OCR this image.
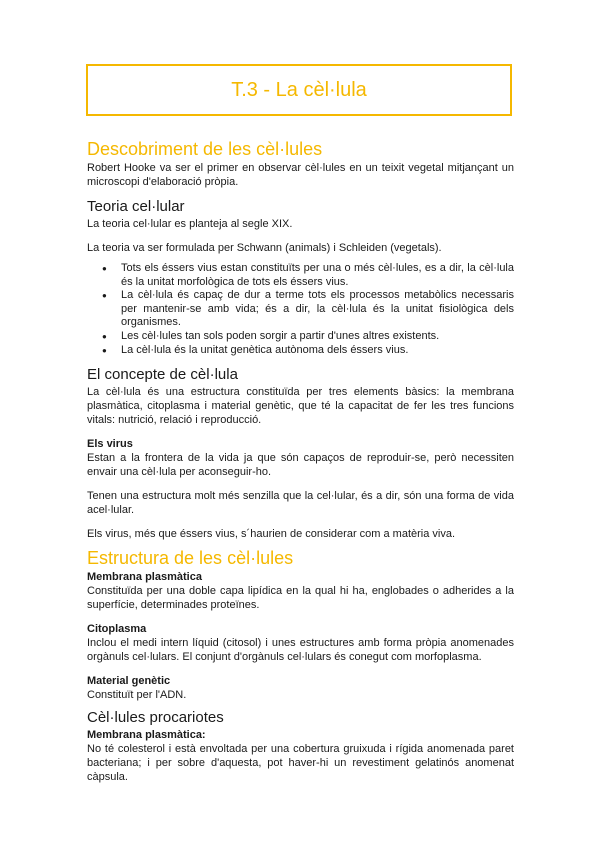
T.3 - La cèl·lula
Descobriment de les cèl·lules

Robert Hooke va ser el primer en observar cèl·lules en un teixit vegetal mitjançant un microscopi d'elaboració pròpia.

Teoria cel·lular

La teoria cel·lular es planteja al segle XIX.

La teoria va ser formulada per Schwann (animals) i Schleiden (vegetals).

● Tots els éssers vius estan constituïts per una o més cèl·lules, es a dir, la cèl·lula és la unitat morfològica de tots els éssers vius.
● La cèl·lula és capaç de dur a terme tots els processos metabòlics necessaris per mantenir-se amb vida; és a dir, la cèl·lula és la unitat fisiològica dels organismes.
● Les cèl·lules tan sols poden sorgir a partir d'unes altres existents.
● La cèl·lula és la unitat genètica autònoma dels éssers vius.
El concepte de cèl·lula

La cèl·lula és una estructura constituïda per tres elements bàsics: la membrana plasmàtica, citoplasma i material genètic, que té la capacitat de fer les tres funcions vitals: nutrició, relació i reproducció.

Els virus

Estan a la frontera de la vida ja que són capaços de reproduir-se, però necessiten envair una cèl·lula per aconseguir-ho.

Tenen una estructura molt més senzilla que la cel·lular, és a dir, són una forma de vida acel·lular.

Els virus, més que éssers vius, s´haurien de considerar com a matèria viva.

Estructura de les cèl·lules
Membrana plasmàtica

Constituïda per una doble capa lipídica en la qual hi ha, englobades o adherides a la superfície, determinades proteïnes.

Citoplasma

Inclou el medi intern líquid (citosol) i unes estructures amb forma pròpia anomenades orgànuls cel·lulars. El conjunt d'orgànuls cel·lulars és conegut com morfoplasma.

Material genètic

Constituït per l'ADN.

Cèl·lules procariotes
Membrana plasmàtica:

No té colesterol i està envoltada per una cobertura gruixuda i rígida anomenada paret bacteriana; i per sobre d'aquesta, pot haver-hi un revestiment gelatinós anomenat càpsula.
